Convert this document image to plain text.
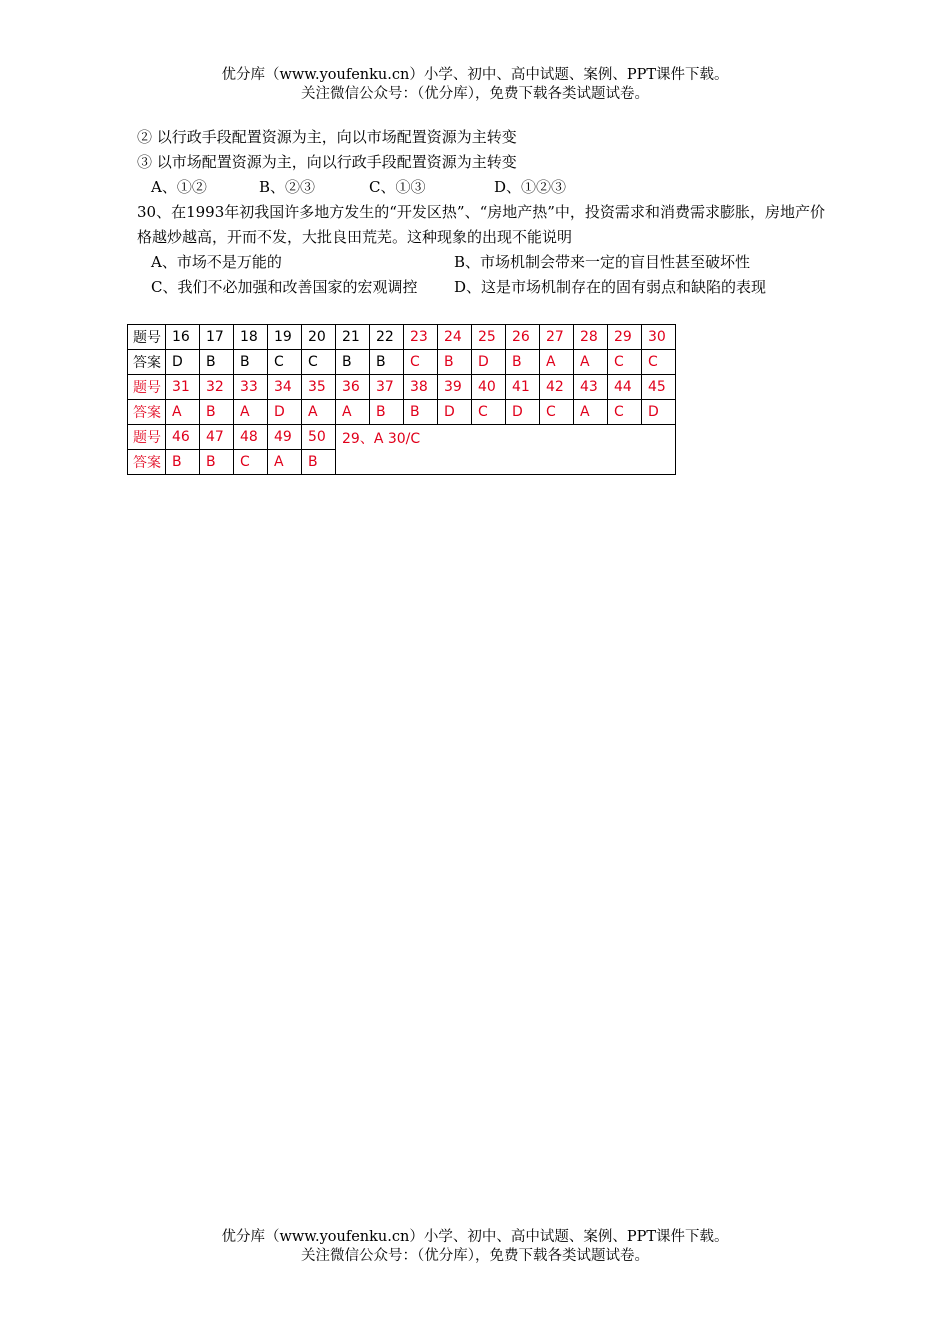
优分库（www.youfenku.cn）小学、初中、高中试题、案例、PPT课件下载。
关注微信公众号：（优分库），免费下载各类试题试卷。
② 以行政手段配置资源为主，向以市场配置资源为主转变
③ 以市场配置资源为主，向以行政手段配置资源为主转变
A、①②	B、②③	C、①③	D、①②③
30、在1993年初我国许多地方发生的“开发区热”、“房地产热”中，投资需求和消费需求膨胀，房地产价格越炒越高，开而不发，大批良田荒芜。这种现象的出现不能说明
A、市场不是万能的	B、市场机制会带来一定的盲目性甚至破坏性
C、我们不必加强和改善国家的宏观调控 D、这是市场机制存在的固有弱点和缺陷的表现
题号	16	17	18	19	20	21	22	23	24	25	26	27	28	29	30
答案	D	B	B	C	C	B	B	C	B	D	B	A	A	C	C
题号	31	32	33	34	35	36	37	38	39	40	41	42	43	44	45
答案	A	B	A	D	A	A	B	B	D	C	D	C	A	C	D
题号	46	47	48	49	50	29、A 30/C									
答案	B	B	C	A	B										
优分库（www.youfenku.cn）小学、初中、高中试题、案例、PPT课件下载。
关注微信公众号：（优分库），免费下载各类试题试卷。
